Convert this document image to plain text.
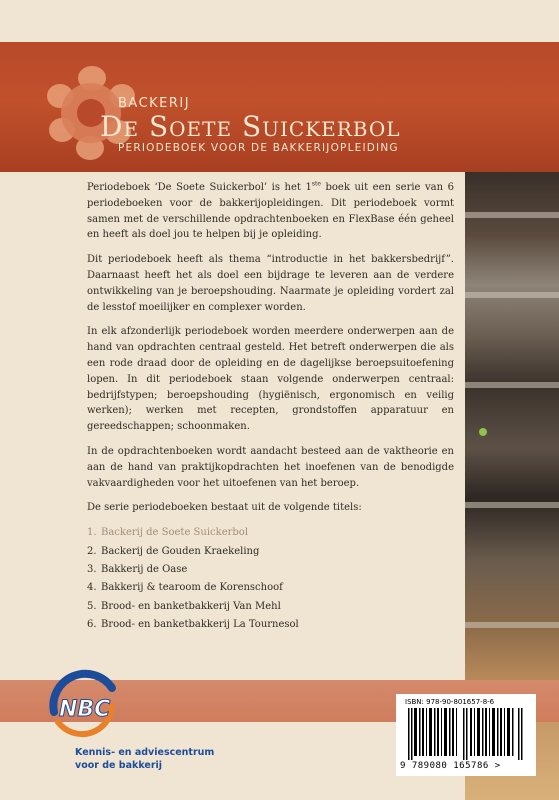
BACKERIJ

De Soete Suickerbol

PERIODEBOEK VOOR DE BAKKERIJOPLEIDING

Periodeboek ‘De Soete Suickerbol’ is het 1ste boek uit een serie van 6 periodeboeken voor de bakkerijopleidingen. Dit periodeboek vormt samen met de verschillende opdrachtenboeken en FlexBase één geheel en heeft als doel jou te helpen bij je opleiding.

Dit periodeboek heeft als thema “introductie in het bakkersbedrijf”. Daarnaast heeft het als doel een bijdrage te leveren aan de verdere ontwikkeling van je beroepshouding. Naarmate je opleiding vordert zal de lesstof moeilijker en complexer worden.

In elk afzonderlijk periodeboek worden meerdere onderwerpen aan de hand van opdrachten centraal gesteld. Het betreft onderwerpen die als een rode draad door de opleiding en de dagelijkse beroepsuitoefening lopen. In dit periodeboek staan volgende onderwerpen centraal: bedrijfstypen; beroepshouding (hygiënisch, ergonomisch en veilig werken); werken met recepten, grondstoffen apparatuur en gereedschappen; schoonmaken.

In de opdrachtenboeken wordt aandacht besteed aan de vaktheorie en aan de hand van praktijkopdrachten het inoefenen van de benodigde vakvaardigheden voor het uitoefenen van het beroep.

De serie periodeboeken bestaat uit de volgende titels:

1. Backerij de Soete Suickerbol
2. Backerij de Gouden Kraekeling
3. Bakkerij de Oase
4. Bakkerij & tearoom de Korenschoof
5. Brood- en banketbakkerij Van Mehl
6. Brood- en banketbakkerij La Tournesol
NBC

Kennis- en adviescentrum

voor de bakkerij

ISBN: 978-90-801657-8-6

9 789080 165786 >
